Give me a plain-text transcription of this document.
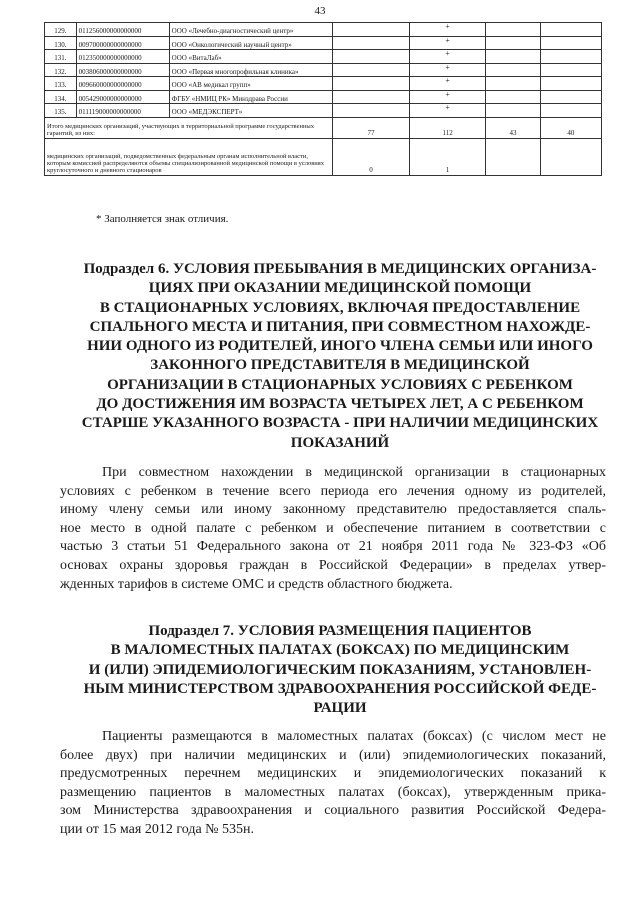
43
129.	011256000000000000	ООО «Лечебно-диагностический центр»		+		
130.	009700000000000000	ООО «Онкологический научный центр»		+		
131.	012350000000000000	ООО «ВитаЛаб»		+		
132.	003806000000000000	ООО «Первая многопрофильная клиника»		+		
133.	009660000000000000	ООО «АВ медикал групп»		+		
134.	005429000000000000	ФГБУ «НМИЦ РК» Минздрава России		+		
135.	011119000000000000	ООО «МЕДЭКСПЕРТ»		+		
Итого медицинских организаций, участвующих в территориальной программе государственных гарантий, из них:			77	112	43	40
медицинских организаций, подведомственных федеральным органам исполнительной власти, которым комиссией распределяются объемы специализированной медицинской помощи в условиях круглосуточного и дневного стационаров			0	1		
* Заполняется знак отличия.
Подраздел 6. УСЛОВИЯ ПРЕБЫВАНИЯ В МЕДИЦИНСКИХ ОРГАНИЗА-
ЦИЯХ ПРИ ОКАЗАНИИ МЕДИЦИНСКОЙ ПОМОЩИ
В СТАЦИОНАРНЫХ УСЛОВИЯХ, ВКЛЮЧАЯ ПРЕДОСТАВЛЕНИЕ
СПАЛЬНОГО МЕСТА И ПИТАНИЯ, ПРИ СОВМЕСТНОМ НАХОЖДЕ-
НИИ ОДНОГО ИЗ РОДИТЕЛЕЙ, ИНОГО ЧЛЕНА СЕМЬИ ИЛИ ИНОГО
ЗАКОННОГО ПРЕДСТАВИТЕЛЯ В МЕДИЦИНСКОЙ
ОРГАНИЗАЦИИ В СТАЦИОНАРНЫХ УСЛОВИЯХ С РЕБЕНКОМ
ДО ДОСТИЖЕНИЯ ИМ ВОЗРАСТА ЧЕТЫРЕХ ЛЕТ, А С РЕБЕНКОМ
СТАРШЕ УКАЗАННОГО ВОЗРАСТА - ПРИ НАЛИЧИИ МЕДИЦИНСКИХ
ПОКАЗАНИЙ
При совместном нахождении в медицинской организации в стационарных
условиях с ребенком в течение всего периода его лечения одному из родителей,
иному члену семьи или иному законному представителю предоставляется спаль-
ное место в одной палате с ребенком и обеспечение питанием в соответствии с
частью 3 статьи 51 Федерального закона от 21 ноября 2011 года № 323-ФЗ «Об
основах охраны здоровья граждан в Российской Федерации» в пределах утвер-
жденных тарифов в системе ОМС и средств областного бюджета.
Подраздел 7. УСЛОВИЯ РАЗМЕЩЕНИЯ ПАЦИЕНТОВ
В МАЛОМЕСТНЫХ ПАЛАТАХ (БОКСАХ) ПО МЕДИЦИНСКИМ
И (ИЛИ) ЭПИДЕМИОЛОГИЧЕСКИМ ПОКАЗАНИЯМ, УСТАНОВЛЕН-
НЫМ МИНИСТЕРСТВОМ ЗДРАВООХРАНЕНИЯ РОССИЙСКОЙ ФЕДЕ-
РАЦИИ
Пациенты размещаются в маломестных палатах (боксах) (с числом мест не
более двух) при наличии медицинских и (или) эпидемиологических показаний,
предусмотренных перечнем медицинских и эпидемиологических показаний к
размещению пациентов в маломестных палатах (боксах), утвержденным прика-
зом Министерства здравоохранения и социального развития Российской Федера-
ции от 15 мая 2012 года № 535н.
